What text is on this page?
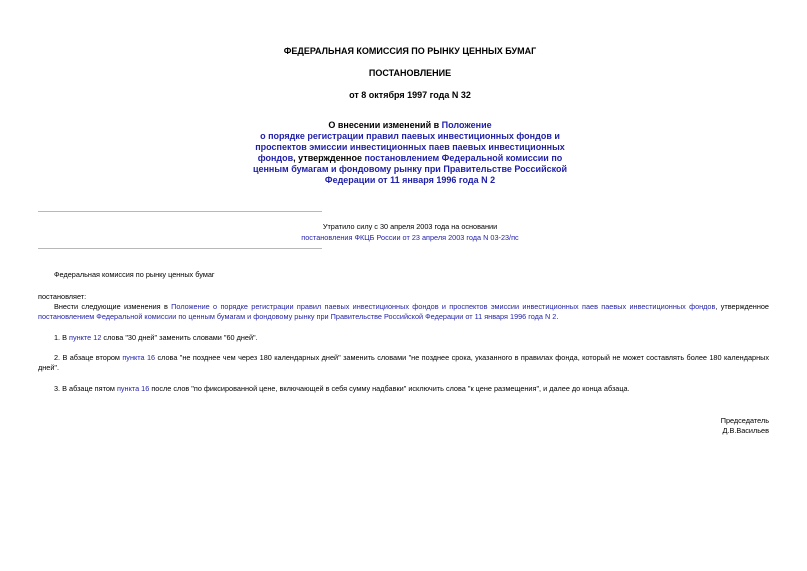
ФЕДЕРАЛЬНАЯ КОМИССИЯ ПО РЫНКУ ЦЕННЫХ БУМАГ
ПОСТАНОВЛЕНИЕ
от 8 октября 1997 года N 32
О внесении изменений в Положение
о порядке регистрации правил паевых инвестиционных фондов и проспектов эмиссии инвестиционных паев паевых инвестиционных фондов, утвержденное постановлением Федеральной комиссии по ценным бумагам и фондовому рынку при Правительстве Российской Федерации от 11 января 1996 года N 2
Утратило силу с 30 апреля 2003 года на основании
постановления ФКЦБ России от 23 апреля 2003 года N 03-23/пс
Федеральная комиссия по рынку ценных бумаг
постановляет:
Внести следующие изменения в Положение о порядке регистрации правил паевых инвестиционных фондов и проспектов эмиссии инвестиционных паев паевых инвестиционных фондов, утвержденное постановлением Федеральной комиссии по ценным бумагам и фондовому рынку при Правительстве Российской Федерации от 11 января 1996 года N 2.
1. В пункте 12 слова "30 дней" заменить словами "60 дней".
2. В абзаце втором пункта 16 слова "не позднее чем через 180 календарных дней" заменить словами "не позднее срока, указанного в правилах фонда, который не может составлять более 180 календарных дней".
3. В абзаце пятом пункта 16 после слов "по фиксированной цене, включающей в себя сумму надбавки" исключить слова "к цене размещения", и далее до конца абзаца.
Председатель
Д.В.Васильев
